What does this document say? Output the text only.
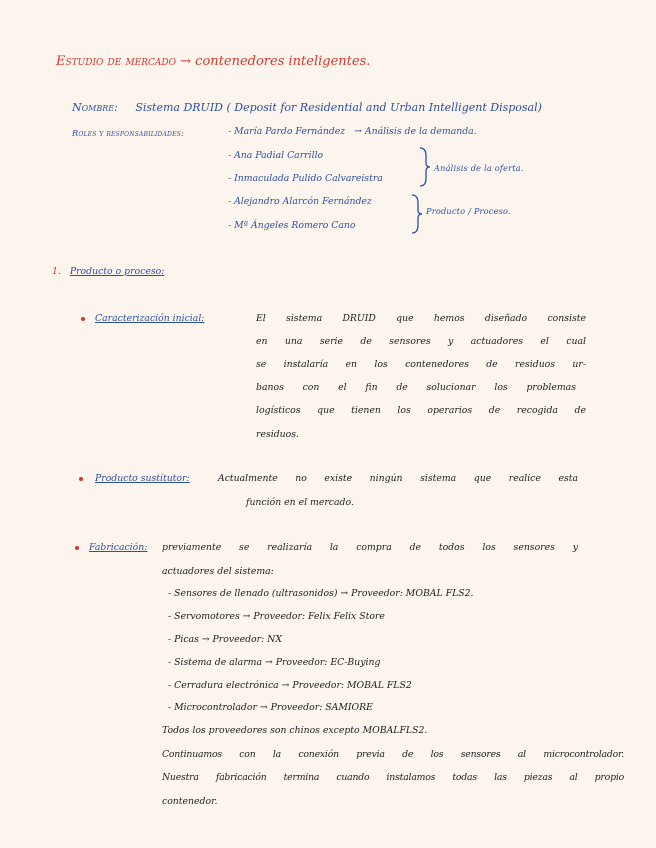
Estudio de mercado → contenedores inteligentes.
Nombre: Sistema DRUID ( Deposit for Residential and Urban Intelligent Disposal)
Roles y responsabilidades:	- María Pardo Fernández → Análisis de la demanda.
- Ana Padial Carrillo
- Inmaculada Pulido Calvareistra
- Alejandro Alarcón Fernández
- Mª Ángeles Romero Cano
Análisis de la oferta.
Producto / Proceso.
1. Producto o proceso:
Caracterización inicial:	El sistema DRUID que hemos diseñado consiste
en una serie de sensores y actuadores el cual
se instalaría en los contenedores de residuos ur-
banos con el fin de solucionar los problemas
logísticos que tienen los operarios de recogida de
residuos.
Producto sustitutor:	Actualmente no existe ningún sistema que realice esta
función en el mercado.
Fabricación: previamente se realizaría la compra de todos los sensores y
actuadores del sistema:
- Sensores de llenado (ultrasonidos) → Proveedor: MOBAL FLS2.
- Servomotores → Proveedor: Felix Felix Store
- Picas → Proveedor: NX
- Sistema de alarma → Proveedor: EC-Buying
- Cerradura electrónica → Proveedor: MOBAL FLS2
- Microcontrolador → Proveedor: SAMIORE
Todos los proveedores son chinos excepto MOBALFLS2.
Continuamos con la conexión previa de los sensores al microcontrolador.
Nuestra fabricación termina cuando instalamos todas las piezas al propio
contenedor.
